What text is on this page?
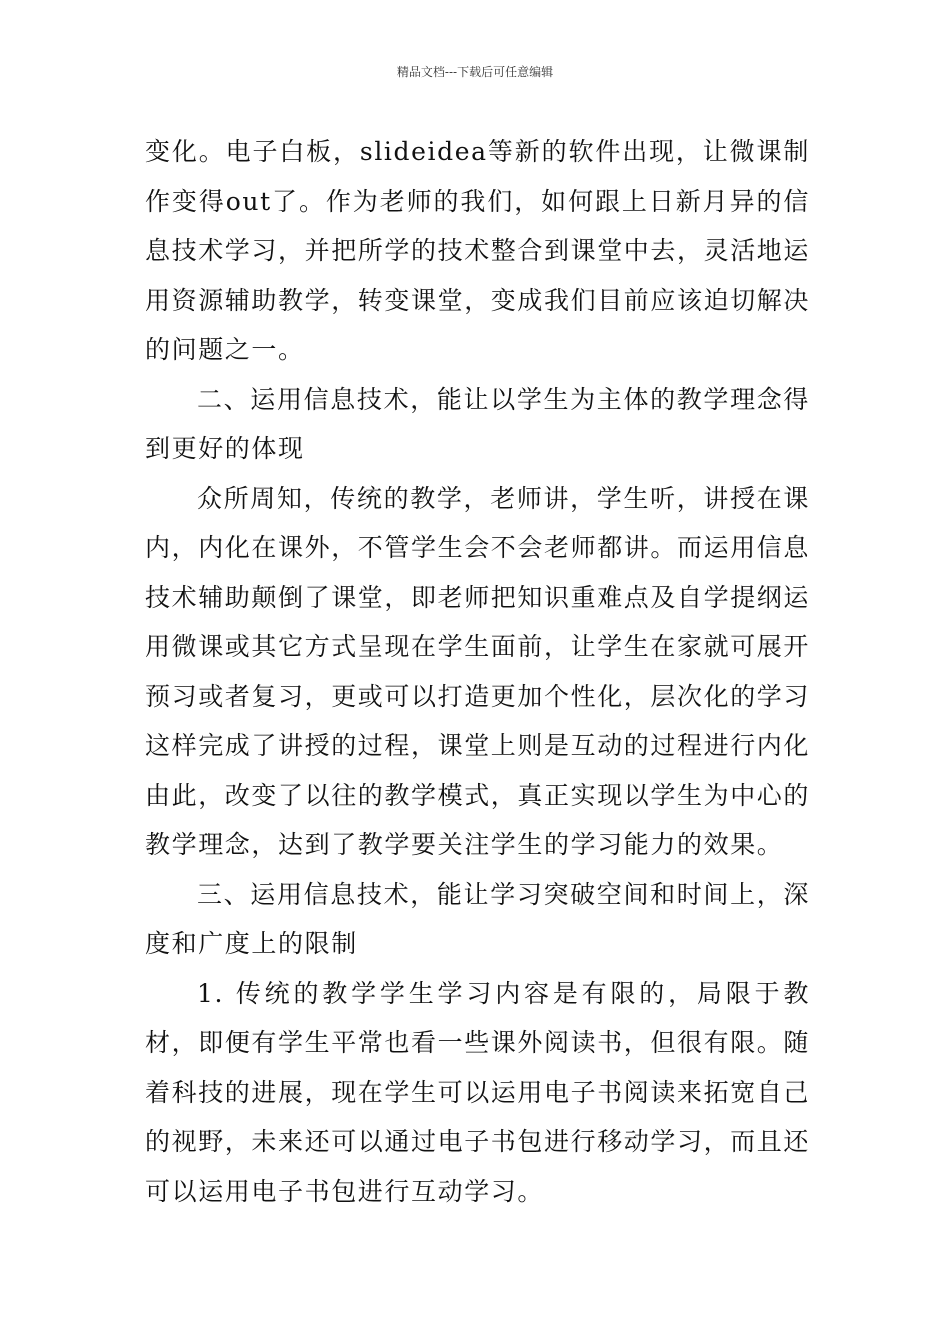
精品文档---下载后可任意编辑

变化。电子白板，slideidea等新的软件出现，让微课制作变得out了。作为老师的我们，如何跟上日新月异的信息技术学习，并把所学的技术整合到课堂中去，灵活地运用资源辅助教学，转变课堂，变成我们目前应该迫切解决的问题之一。

二、运用信息技术，能让以学生为主体的教学理念得到更好的体现

众所周知，传统的教学，老师讲，学生听，讲授在课内，内化在课外，不管学生会不会老师都讲。而运用信息技术辅助颠倒了课堂，即老师把知识重难点及自学提纲运用微课或其它方式呈现在学生面前，让学生在家就可展开预习或者复习，更或可以打造更加个性化，层次化的学习这样完成了讲授的过程，课堂上则是互动的过程进行内化由此，改变了以往的教学模式，真正实现以学生为中心的教学理念，达到了教学要关注学生的学习能力的效果。

三、运用信息技术，能让学习突破空间和时间上，深度和广度上的限制

1. 传统的教学学生学习内容是有限的，局限于教材，即便有学生平常也看一些课外阅读书，但很有限。随着科技的进展，现在学生可以运用电子书阅读来拓宽自己的视野，未来还可以通过电子书包进行移动学习，而且还可以运用电子书包进行互动学习。
